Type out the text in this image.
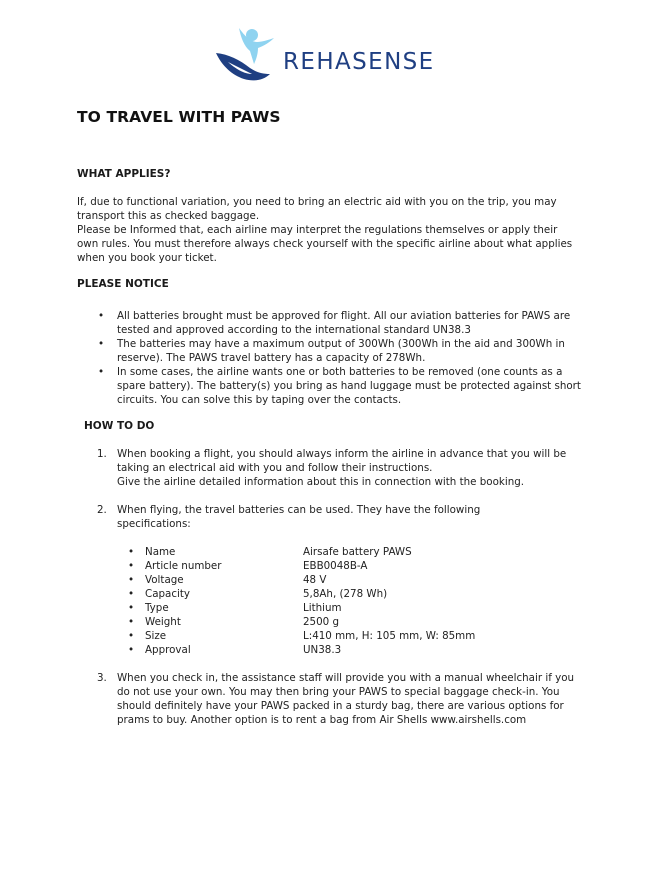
REHASENSE
TO TRAVEL WITH PAWS
WHAT APPLIES?

If, due to functional variation, you need to bring an electric aid with you on the trip, you may transport this as checked baggage.

Please be Informed that, each airline may interpret the regulations themselves or apply their own rules. You must therefore always check yourself with the specific airline about what applies when you book your ticket.

PLEASE NOTICE
• All batteries brought must be approved for flight. All our aviation batteries for PAWS are tested and approved according to the international standard UN38.3
• The batteries may have a maximum output of 300Wh (300Wh in the aid and 300Wh in reserve). The PAWS travel battery has a capacity of 278Wh.
• In some cases, the airline wants one or both batteries to be removed (one counts as a spare battery). The battery(s) you bring as hand luggage must be protected against short circuits. You can solve this by taping over the contacts.
HOW TO DO
1. When booking a flight, you should always inform the airline in advance that you will be taking an electrical aid with you and follow their instructions.

Give the airline detailed information about this in connection with the booking.

2. When flying, the travel batteries can be used. They have the following specifications:

• Name	Airsafe battery PAWS
• Article number	EBB0048B-A
• Voltage	48 V
• Capacity	5,8Ah, (278 Wh)
• Type	Lithium
• Weight	2500 g
• Size	L:410 mm, H: 105 mm, W: 85mm
• Approval	UN38.3
3. When you check in, the assistance staff will provide you with a manual wheelchair if you do not use your own. You may then bring your PAWS to special baggage check-in. You should definitely have your PAWS packed in a sturdy bag, there are various options for prams to buy. Another option is to rent a bag from Air Shells www.airshells.com
